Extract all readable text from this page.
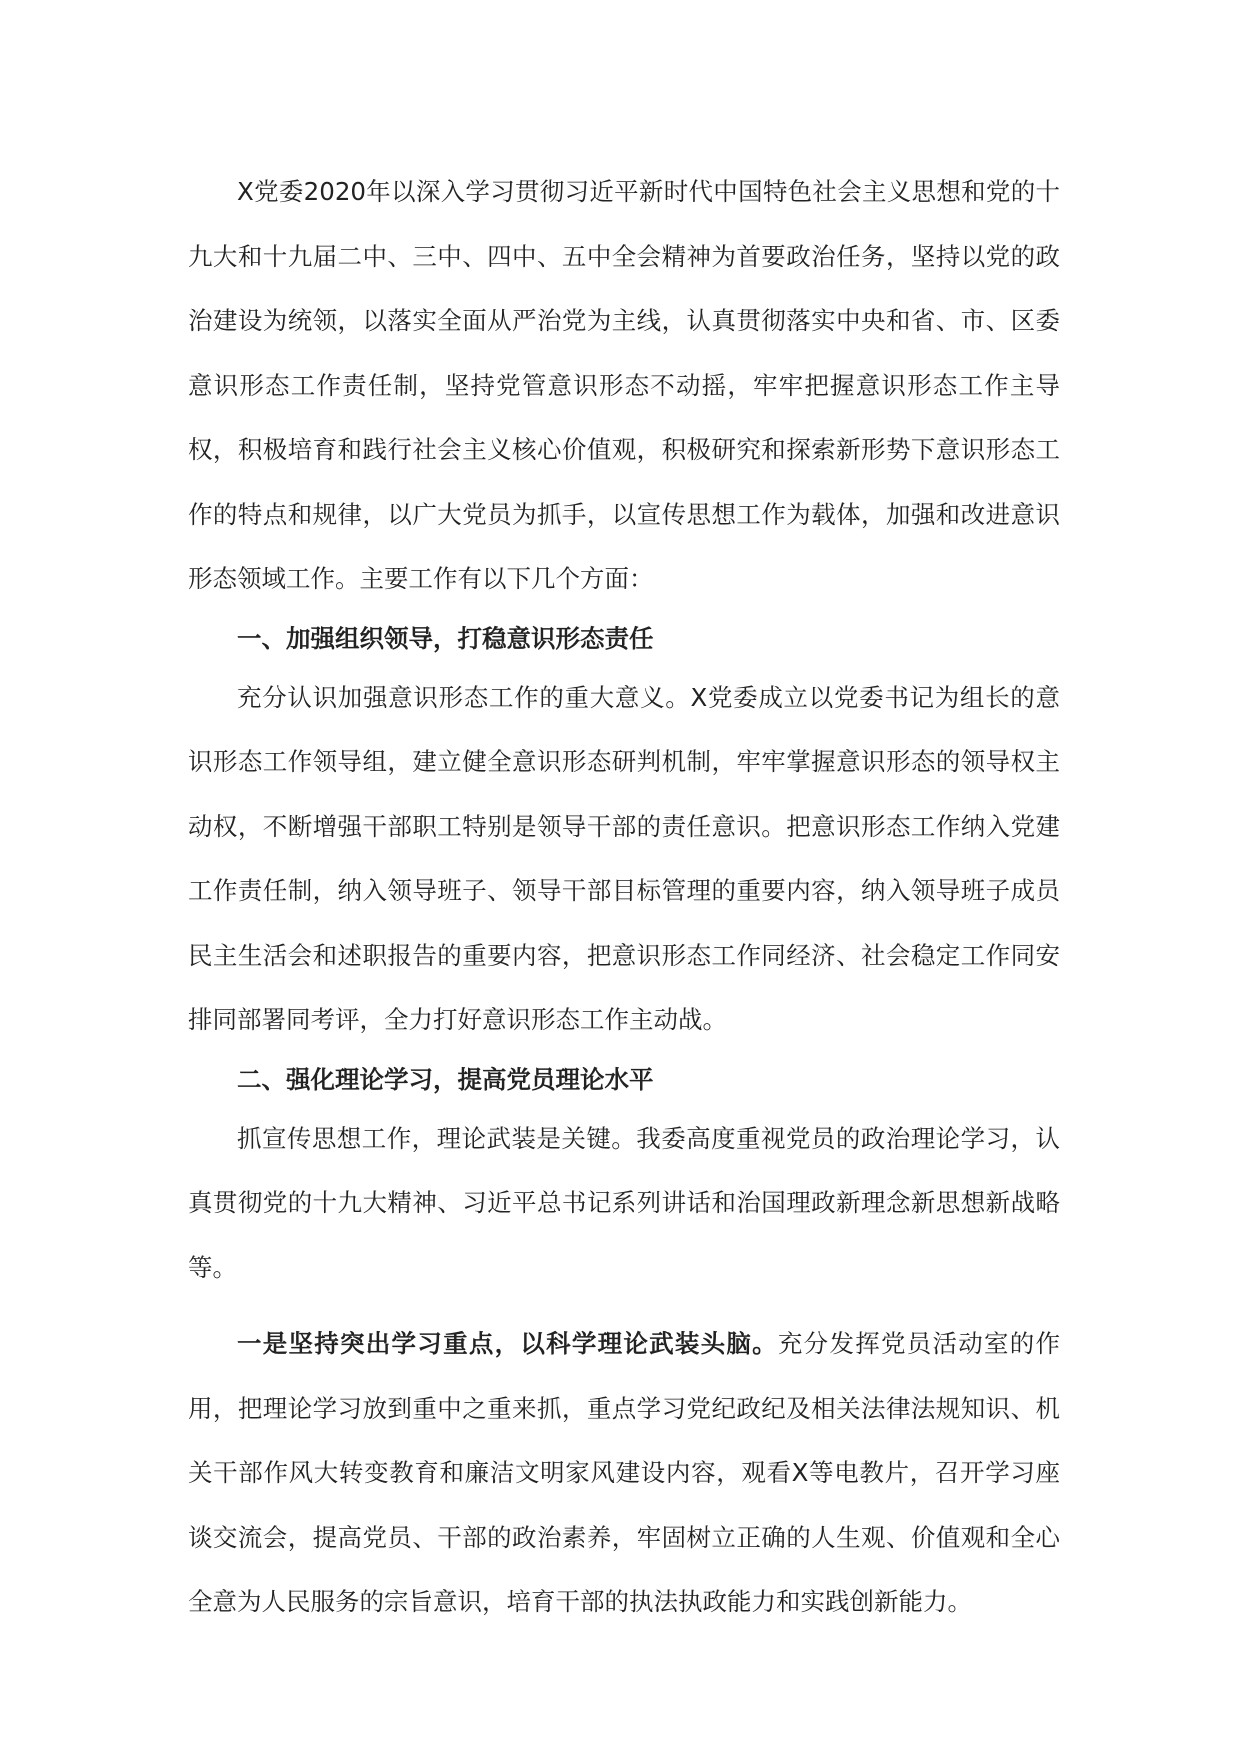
X党委2020年以深入学习贯彻习近平新时代中国特色社会主义思想和党的十九大和十九届二中、三中、四中、五中全会精神为首要政治任务，坚持以党的政治建设为统领，以落实全面从严治党为主线，认真贯彻落实中央和省、市、区委意识形态工作责任制，坚持党管意识形态不动摇，牢牢把握意识形态工作主导权，积极培育和践行社会主义核心价值观，积极研究和探索新形势下意识形态工作的特点和规律，以广大党员为抓手，以宣传思想工作为载体，加强和改进意识形态领域工作。主要工作有以下几个方面：

一、加强组织领导，打稳意识形态责任

充分认识加强意识形态工作的重大意义。X党委成立以党委书记为组长的意识形态工作领导组，建立健全意识形态研判机制，牢牢掌握意识形态的领导权主动权，不断增强干部职工特别是领导干部的责任意识。把意识形态工作纳入党建工作责任制，纳入领导班子、领导干部目标管理的重要内容，纳入领导班子成员民主生活会和述职报告的重要内容，把意识形态工作同经济、社会稳定工作同安排同部署同考评，全力打好意识形态工作主动战。

二、强化理论学习，提高党员理论水平

抓宣传思想工作，理论武装是关键。我委高度重视党员的政治理论学习，认真贯彻党的十九大精神、习近平总书记系列讲话和治国理政新理念新思想新战略等。

一是坚持突出学习重点，以科学理论武装头脑。充分发挥党员活动室的作用，把理论学习放到重中之重来抓，重点学习党纪政纪及相关法律法规知识、机关干部作风大转变教育和廉洁文明家风建设内容，观看X等电教片，召开学习座谈交流会，提高党员、干部的政治素养，牢固树立正确的人生观、价值观和全心全意为人民服务的宗旨意识，培育干部的执法执政能力和实践创新能力。
